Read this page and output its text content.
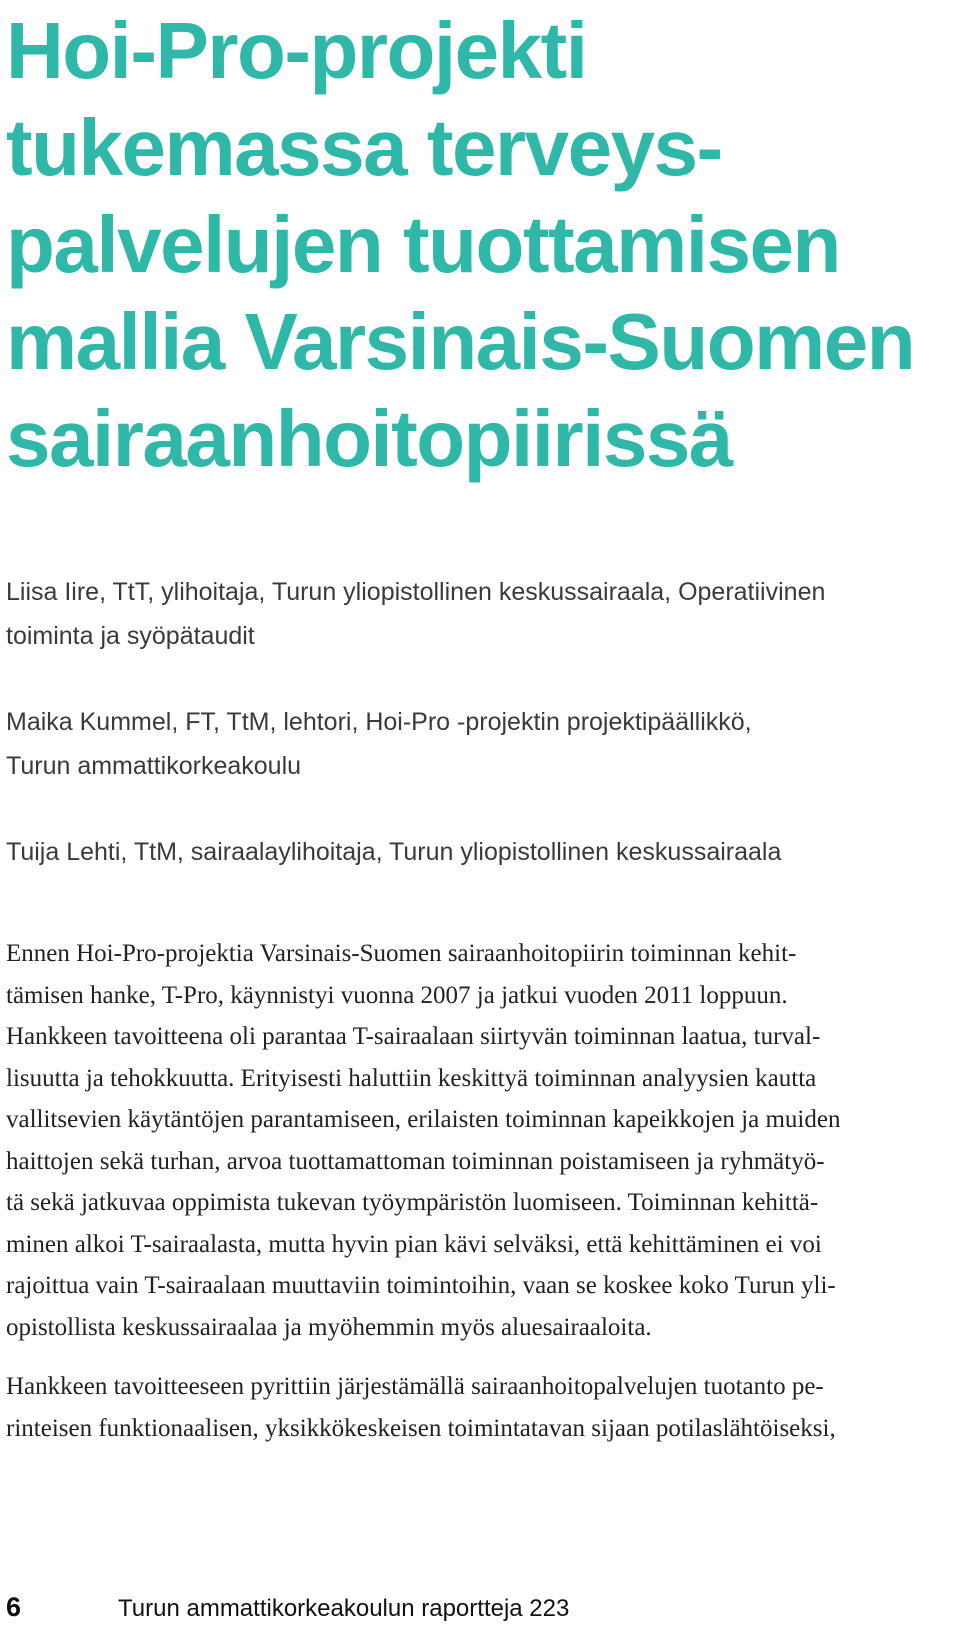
Hoi-Pro-projekti
tukemassa terveys-
palvelujen tuottamisen
mallia Varsinais-Suomen
sairaanhoitopiirissä
Liisa Iire, TtT, ylihoitaja, Turun yliopistollinen keskussairaala, Operatiivinen
toiminta ja syöpätaudit
Maika Kummel, FT, TtM, lehtori, Hoi-Pro -projektin projektipäällikkö,
Turun ammattikorkeakoulu
Tuija Lehti, TtM, sairaalaylihoitaja, Turun yliopistollinen keskussairaala
Ennen Hoi-Pro-projektia Varsinais-Suomen sairaanhoitopiirin toiminnan kehit-
tämisen hanke, T-Pro, käynnistyi vuonna 2007 ja jatkui vuoden 2011 loppuun.
Hankkeen tavoitteena oli parantaa T-sairaalaan siirtyvän toiminnan laatua, turval-
lisuutta ja tehokkuutta. Erityisesti haluttiin keskittyä toiminnan analyysien kautta
vallitsevien käytäntöjen parantamiseen, erilaisten toiminnan kapeikkojen ja muiden
haittojen sekä turhan, arvoa tuottamattoman toiminnan poistamiseen ja ryhmätyö-
tä sekä jatkuvaa oppimista tukevan työympäristön luomiseen. Toiminnan kehittä-
minen alkoi T-sairaalasta, mutta hyvin pian kävi selväksi, että kehittäminen ei voi
rajoittua vain T-sairaalaan muuttaviin toimintoihin, vaan se koskee koko Turun yli-
opistollista keskussairaalaa ja myöhemmin myös aluesairaaloita.
Hankkeen tavoitteeseen pyrittiin järjestämällä sairaanhoitopalvelujen tuotanto pe-
rinteisen funktionaalisen, yksikkökeskeisen toimintatavan sijaan potilaslähtöiseksi,
6	Turun ammattikorkeakoulun raportteja 223
